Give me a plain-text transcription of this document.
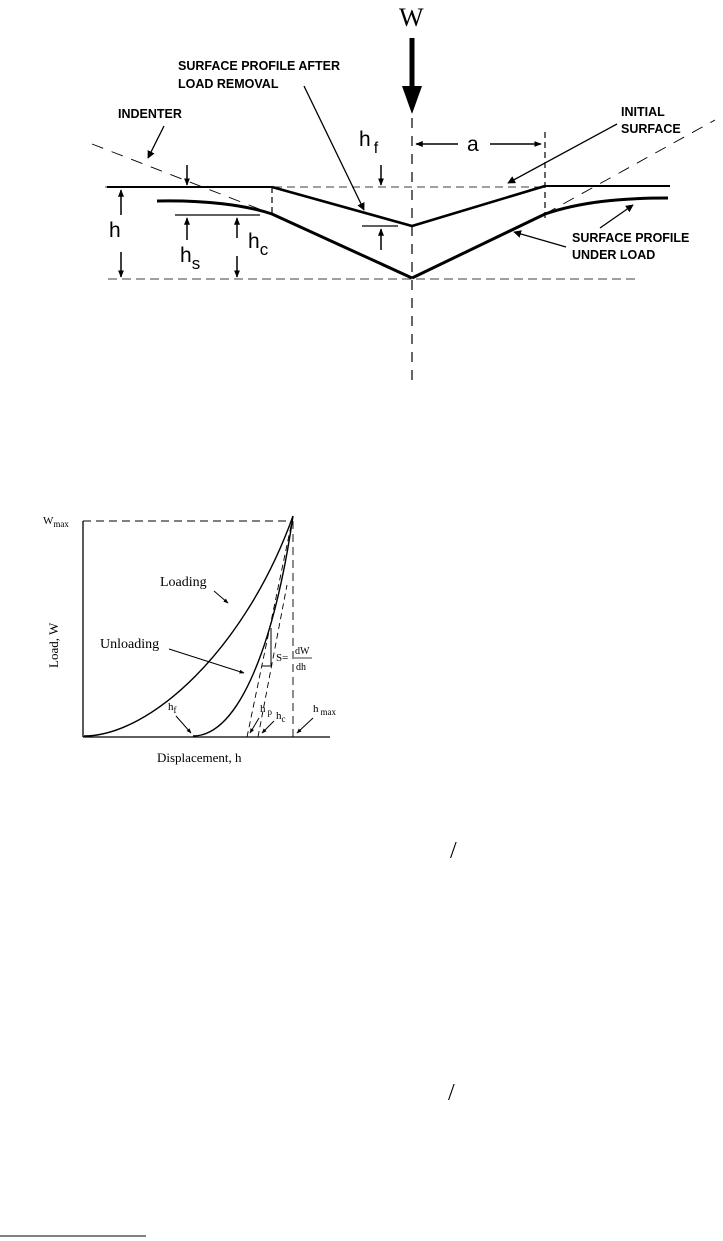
W
SURFACE PROFILE AFTER
LOAD REMOVAL
INDENTER	INITIAL
SURFACE
SURFACE PROFILE
UNDER LOAD
h
$h_s$
$h_c$
h $_f$	a
$W_{max}$
Loading
Unloading
S=
dW
dh
$h_f$	h $_p$ $h_c$
h $_{max}$
Load, W
Displacement, h
/
/
